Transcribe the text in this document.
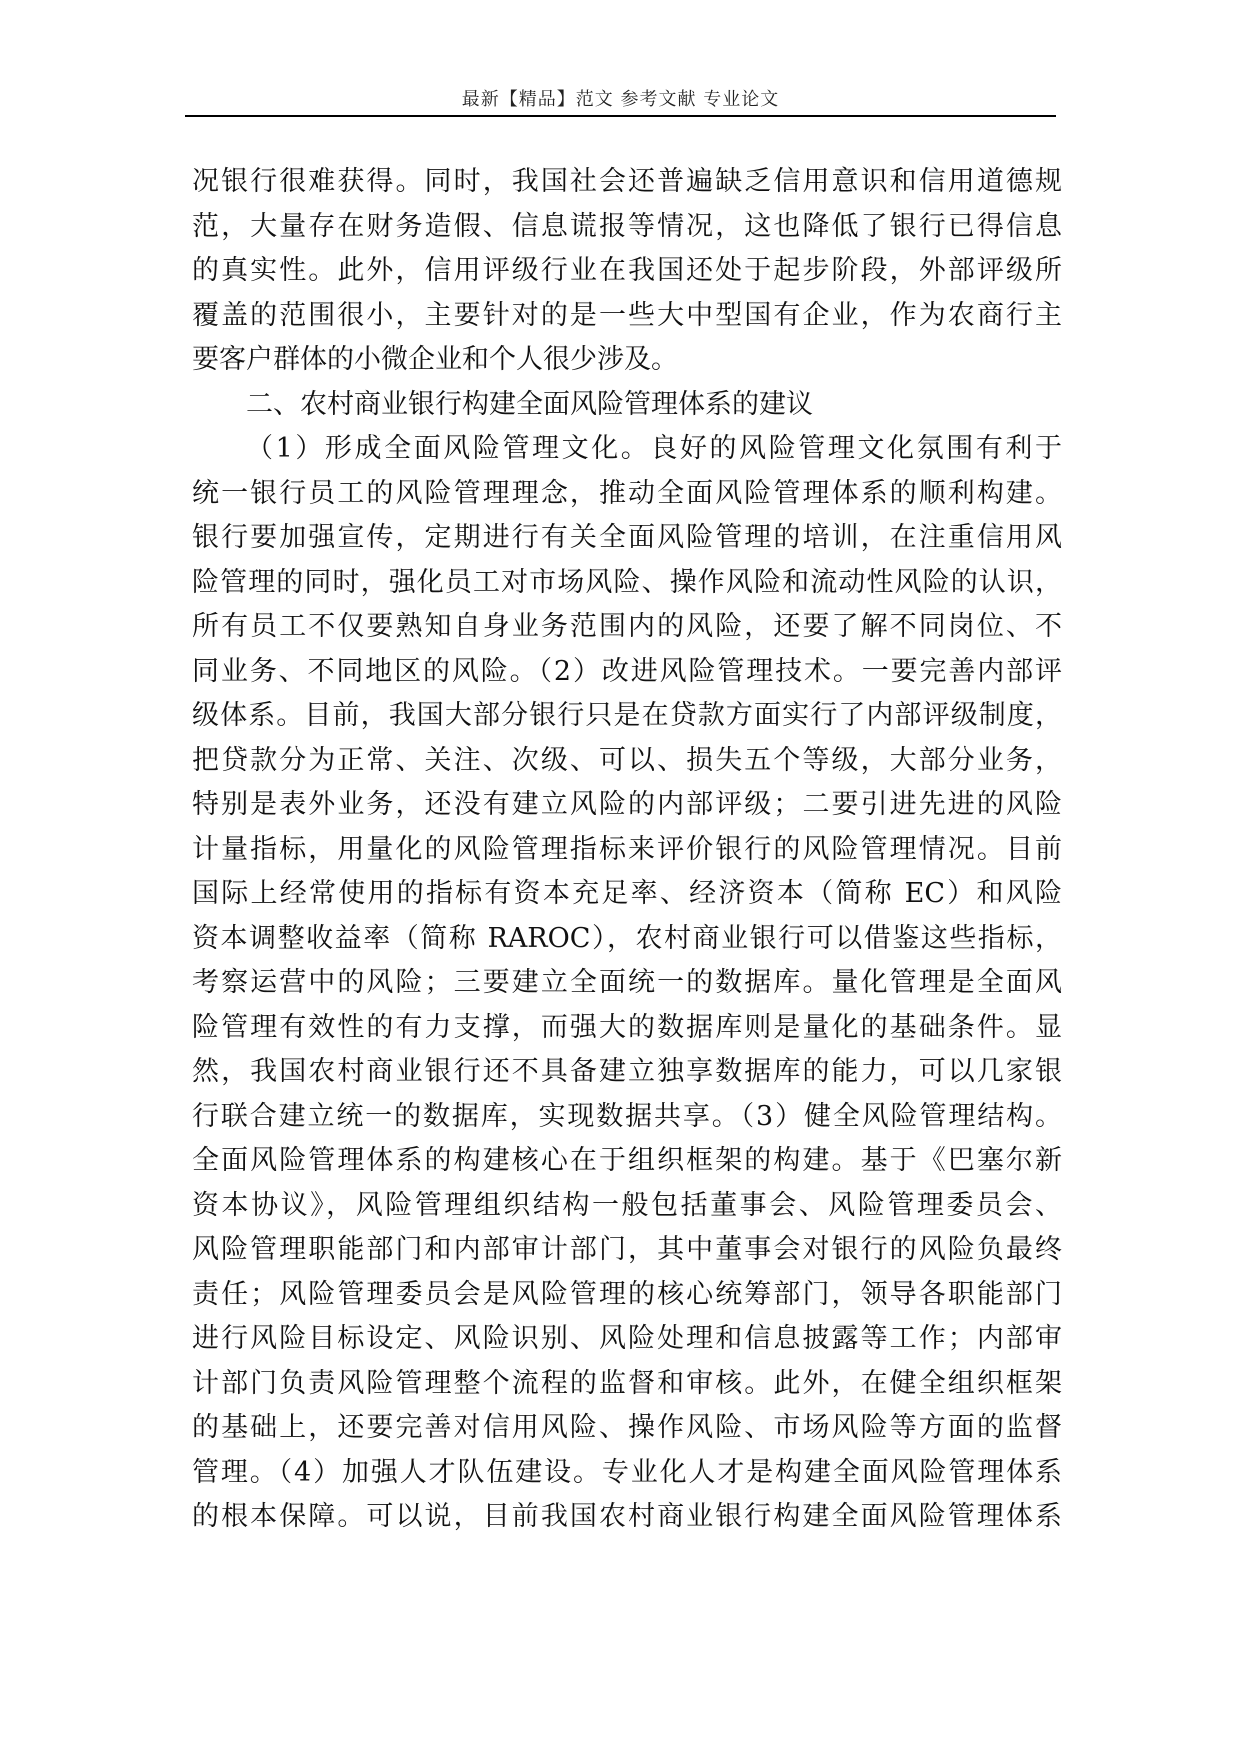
最新【精品】范文 参考文献 专业论文
况银行很难获得。同时，我国社会还普遍缺乏信用意识和信用道德规
范，大量存在财务造假、信息谎报等情况，这也降低了银行已得信息
的真实性。此外，信用评级行业在我国还处于起步阶段，外部评级所
覆盖的范围很小，主要针对的是一些大中型国有企业，作为农商行主
要客户群体的小微企业和个人很少涉及。
二、农村商业银行构建全面风险管理体系的建议
（1）形成全面风险管理文化。良好的风险管理文化氛围有利于
统一银行员工的风险管理理念，推动全面风险管理体系的顺利构建。
银行要加强宣传，定期进行有关全面风险管理的培训，在注重信用风
险管理的同时，强化员工对市场风险、操作风险和流动性风险的认识，
所有员工不仅要熟知自身业务范围内的风险，还要了解不同岗位、不
同业务、不同地区的风险。（2）改进风险管理技术。一要完善内部评
级体系。目前，我国大部分银行只是在贷款方面实行了内部评级制度，
把贷款分为正常、关注、次级、可以、损失五个等级，大部分业务，
特别是表外业务，还没有建立风险的内部评级；二要引进先进的风险
计量指标，用量化的风险管理指标来评价银行的风险管理情况。目前
国际上经常使用的指标有资本充足率、经济资本（简称 EC）和风险
资本调整收益率（简称 RAROC），农村商业银行可以借鉴这些指标，
考察运营中的风险；三要建立全面统一的数据库。量化管理是全面风
险管理有效性的有力支撑，而强大的数据库则是量化的基础条件。显
然，我国农村商业银行还不具备建立独享数据库的能力，可以几家银
行联合建立统一的数据库，实现数据共享。（3）健全风险管理结构。
全面风险管理体系的构建核心在于组织框架的构建。基于《巴塞尔新
资本协议》，风险管理组织结构一般包括董事会、风险管理委员会、
风险管理职能部门和内部审计部门，其中董事会对银行的风险负最终
责任；风险管理委员会是风险管理的核心统筹部门，领导各职能部门
进行风险目标设定、风险识别、风险处理和信息披露等工作；内部审
计部门负责风险管理整个流程的监督和审核。此外，在健全组织框架
的基础上，还要完善对信用风险、操作风险、市场风险等方面的监督
管理。（4）加强人才队伍建设。专业化人才是构建全面风险管理体系
的根本保障。可以说，目前我国农村商业银行构建全面风险管理体系
